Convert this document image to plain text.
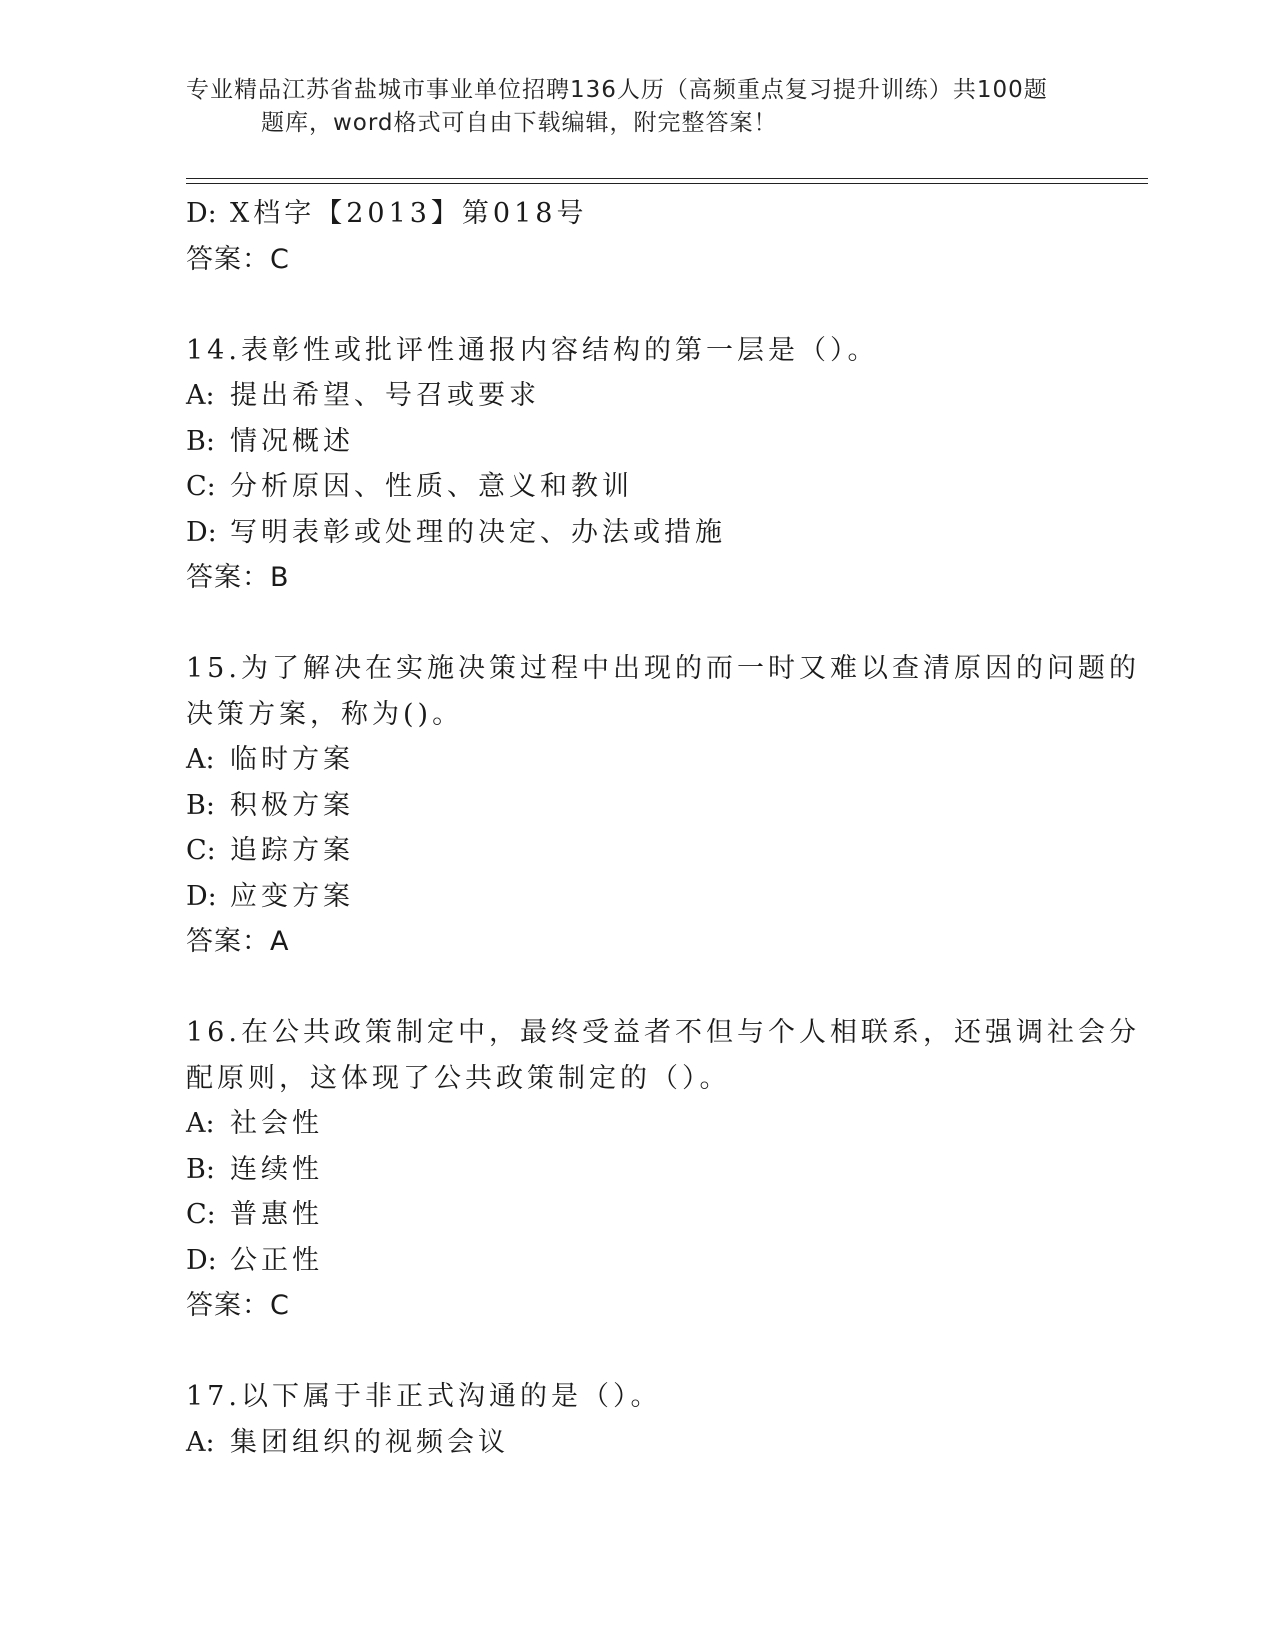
专业精品江苏省盐城市事业单位招聘136人历（高频重点复习提升训练）共100题
题库，word格式可自由下载编辑，附完整答案！
D: X档字【2013】第018号
答案：C
14.表彰性或批评性通报内容结构的第一层是（）。
A: 提出希望、号召或要求
B: 情况概述
C: 分析原因、性质、意义和教训
D: 写明表彰或处理的决定、办法或措施
答案：B
15.为了解决在实施决策过程中出现的而一时又难以查清原因的问题的
决策方案，称为()。
A: 临时方案
B: 积极方案
C: 追踪方案
D: 应变方案
答案：A
16.在公共政策制定中，最终受益者不但与个人相联系，还强调社会分
配原则，这体现了公共政策制定的（）。
A: 社会性
B: 连续性
C: 普惠性
D: 公正性
答案：C
17.以下属于非正式沟通的是（）。
A: 集团组织的视频会议
